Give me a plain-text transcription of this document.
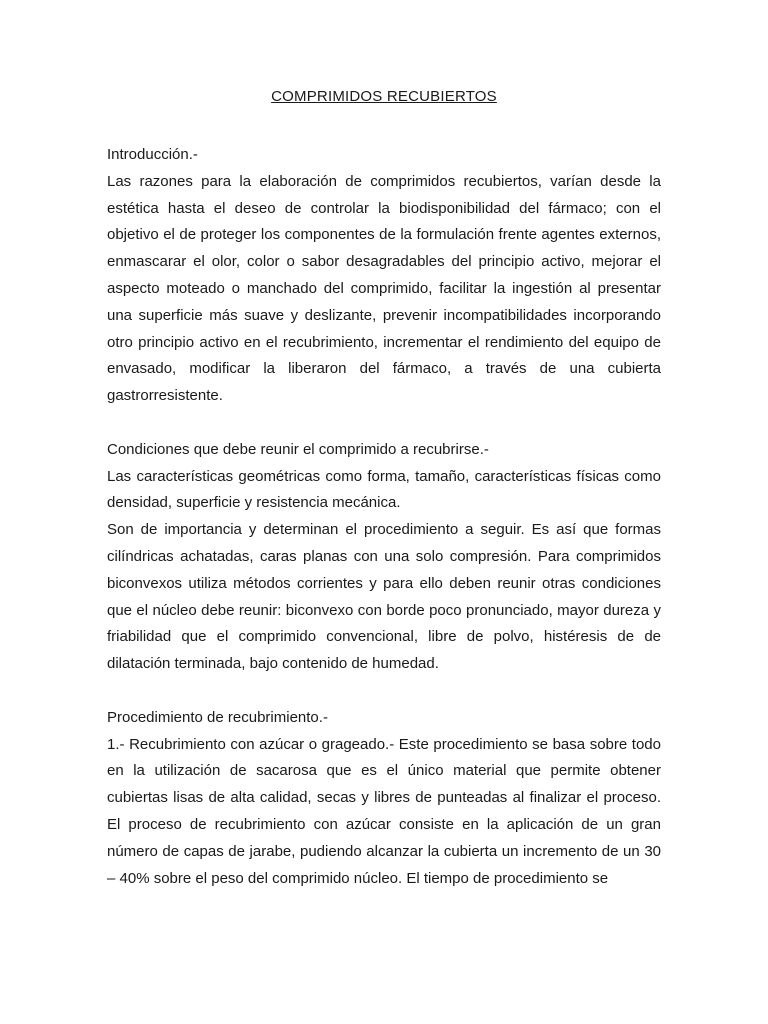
COMPRIMIDOS RECUBIERTOS

Introducción.-

Las razones para la elaboración de comprimidos recubiertos, varían desde la estética hasta el deseo de controlar la biodisponibilidad del fármaco; con el objetivo el de proteger los componentes de la formulación frente agentes externos, enmascarar el olor, color o sabor desagradables del principio activo, mejorar el aspecto moteado o manchado del comprimido, facilitar la ingestión al presentar una superficie más suave y deslizante, prevenir incompatibilidades incorporando otro principio activo en el recubrimiento, incrementar el rendimiento del equipo de envasado, modificar la liberaron del fármaco, a través de una cubierta gastrorresistente.

Condiciones que debe reunir el comprimido a recubrirse.-

Las características geométricas como forma, tamaño, características físicas como densidad, superficie y resistencia mecánica.

Son de importancia y determinan el procedimiento a seguir. Es así que formas cilíndricas achatadas, caras planas con una solo compresión. Para comprimidos biconvexos utiliza métodos corrientes y para ello deben reunir otras condiciones que el núcleo debe reunir: biconvexo con borde poco pronunciado, mayor dureza y friabilidad que el comprimido convencional, libre de polvo, histéresis de de dilatación terminada, bajo contenido de humedad.

Procedimiento de recubrimiento.-

1.- Recubrimiento con azúcar o grageado.- Este procedimiento se basa sobre todo en la utilización de sacarosa que es el único material que permite obtener cubiertas lisas de alta calidad, secas y libres de punteadas al finalizar el proceso. El proceso de recubrimiento con azúcar consiste en la aplicación de un gran número de capas de jarabe, pudiendo alcanzar la cubierta un incremento de un 30 – 40% sobre el peso del comprimido núcleo. El tiempo de procedimiento se
